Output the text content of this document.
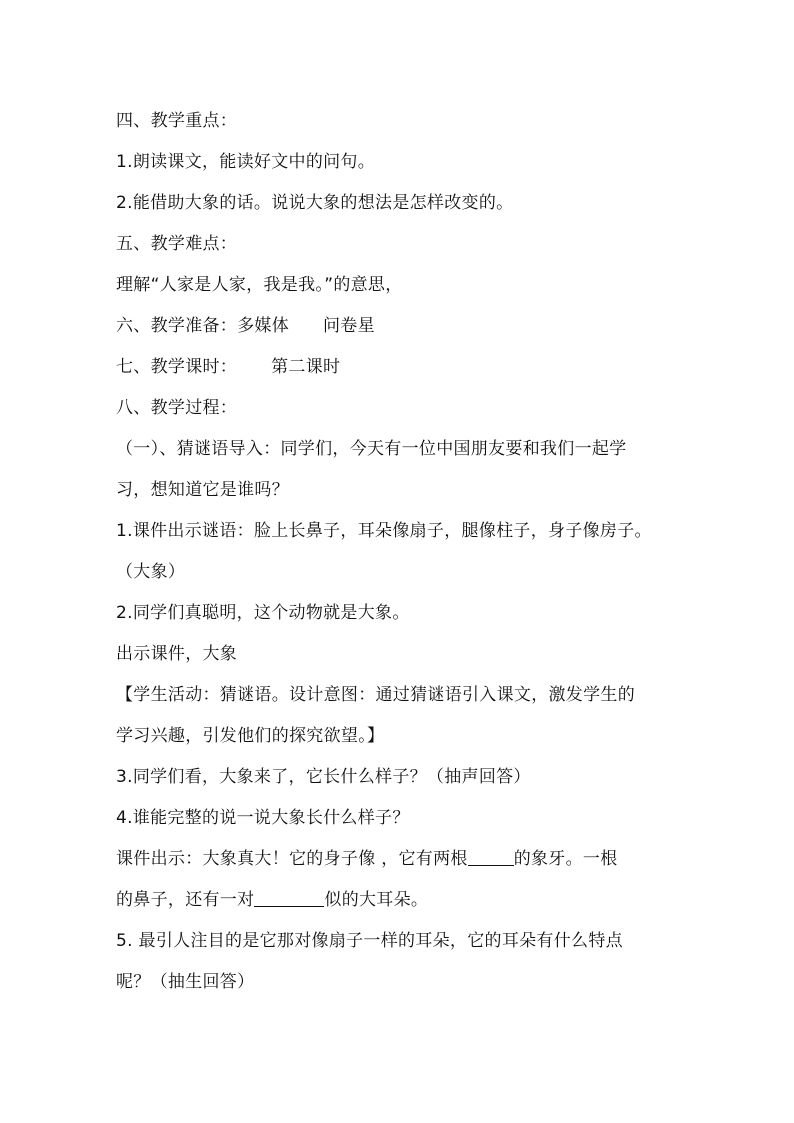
四、教学重点：
1.朗读课文，能读好文中的问句。
2.能借助大象的话。说说大象的想法是怎样改变的。
五、教学难点：
理解“人家是人家，我是我。”的意思，
六、教学准备：多媒体 问卷星
七、教学课时： 第二课时
八、教学过程：
（一）、猜谜语导入：同学们，今天有一位中国朋友要和我们一起学
习，想知道它是谁吗？
1.课件出示谜语：脸上长鼻子，耳朵像扇子，腿像柱子，身子像房子。
（大象）
2.同学们真聪明，这个动物就是大象。
出示课件，大象
【学生活动：猜谜语。设计意图：通过猜谜语引入课文，激发学生的
学习兴趣，引发他们的探究欲望。】
3.同学们看，大象来了，它长什么样子？（抽声回答）
4.谁能完整的说一说大象长什么样子？
课件出示：大象真大！它的身子像 ，它有两根	的象牙。一根
的鼻子，还有一对	似的大耳朵。
5. 最引人注目的是它那对像扇子一样的耳朵，它的耳朵有什么特点
呢？（抽生回答）
